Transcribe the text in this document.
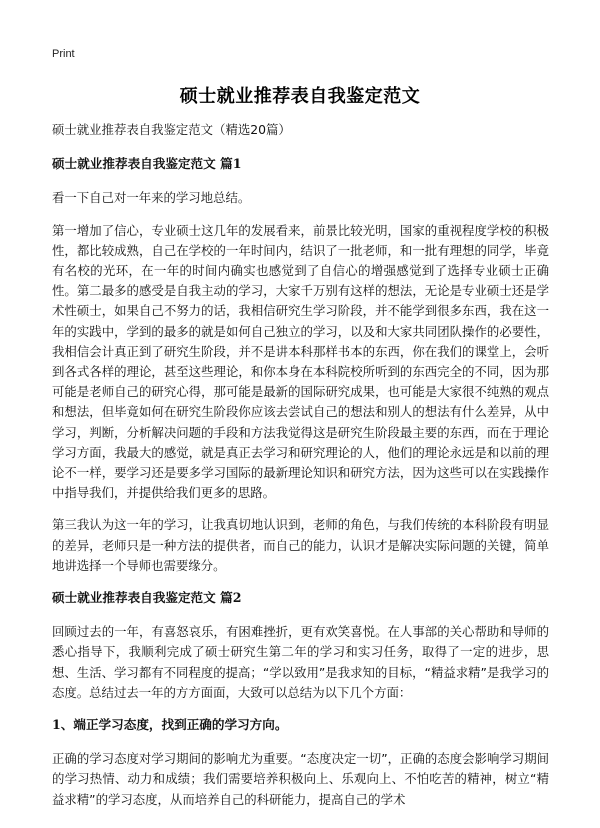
Print
硕士就业推荐表自我鉴定范文

硕士就业推荐表自我鉴定范文（精选20篇）

硕士就业推荐表自我鉴定范文 篇1

看一下自己对一年来的学习地总结。

第一增加了信心，专业硕士这几年的发展看来，前景比较光明，国家的重视程度学校的积极性，都比较成熟，自己在学校的一年时间内，结识了一批老师，和一批有理想的同学，毕竟有名校的光环，在一年的时间内确实也感觉到了自信心的增强感觉到了选择专业硕士正确性。第二最多的感受是自我主动的学习，大家千万别有这样的想法，无论是专业硕士还是学术性硕士，如果自己不努力的话，我相信研究生学习阶段，并不能学到很多东西，我在这一年的实践中，学到的最多的就是如何自己独立的学习，以及和大家共同团队操作的必要性，我相信会计真正到了研究生阶段，并不是讲本科那样书本的东西，你在我们的课堂上，会听到各式各样的理论，甚至这些理论，和你本身在本科院校所听到的东西完全的不同，因为那可能是老师自己的研究心得，那可能是最新的国际研究成果，也可能是大家很不纯熟的观点和想法，但毕竟如何在研究生阶段你应该去尝试自己的想法和别人的想法有什么差异，从中学习，判断，分析解决问题的手段和方法我觉得这是研究生阶段最主要的东西，而在于理论学习方面，我最大的感觉，就是真正去学习和研究理论的人，他们的理论永远是和以前的理论不一样，要学习还是要多学习国际的最新理论知识和研究方法，因为这些可以在实践操作中指导我们，并提供给我们更多的思路。

第三我认为这一年的学习，让我真切地认识到，老师的角色，与我们传统的本科阶段有明显的差异，老师只是一种方法的提供者，而自己的能力，认识才是解决实际问题的关键，简单地讲选择一个导师也需要缘分。

硕士就业推荐表自我鉴定范文 篇2

回顾过去的一年，有喜怒哀乐，有困难挫折，更有欢笑喜悦。在人事部的关心帮助和导师的悉心指导下，我顺利完成了硕士研究生第二年的学习和实习任务，取得了一定的进步，思想、生活、学习都有不同程度的提高；“学以致用”是我求知的目标，“精益求精”是我学习的态度。总结过去一年的方方面面，大致可以总结为以下几个方面：

1、端正学习态度，找到正确的学习方向。

正确的学习态度对学习期间的影响尤为重要。“态度决定一切”，正确的态度会影响学习期间的学习热情、动力和成绩；我们需要培养积极向上、乐观向上、不怕吃苦的精神，树立“精益求精”的学习态度，从而培养自己的科研能力，提高自己的学术
